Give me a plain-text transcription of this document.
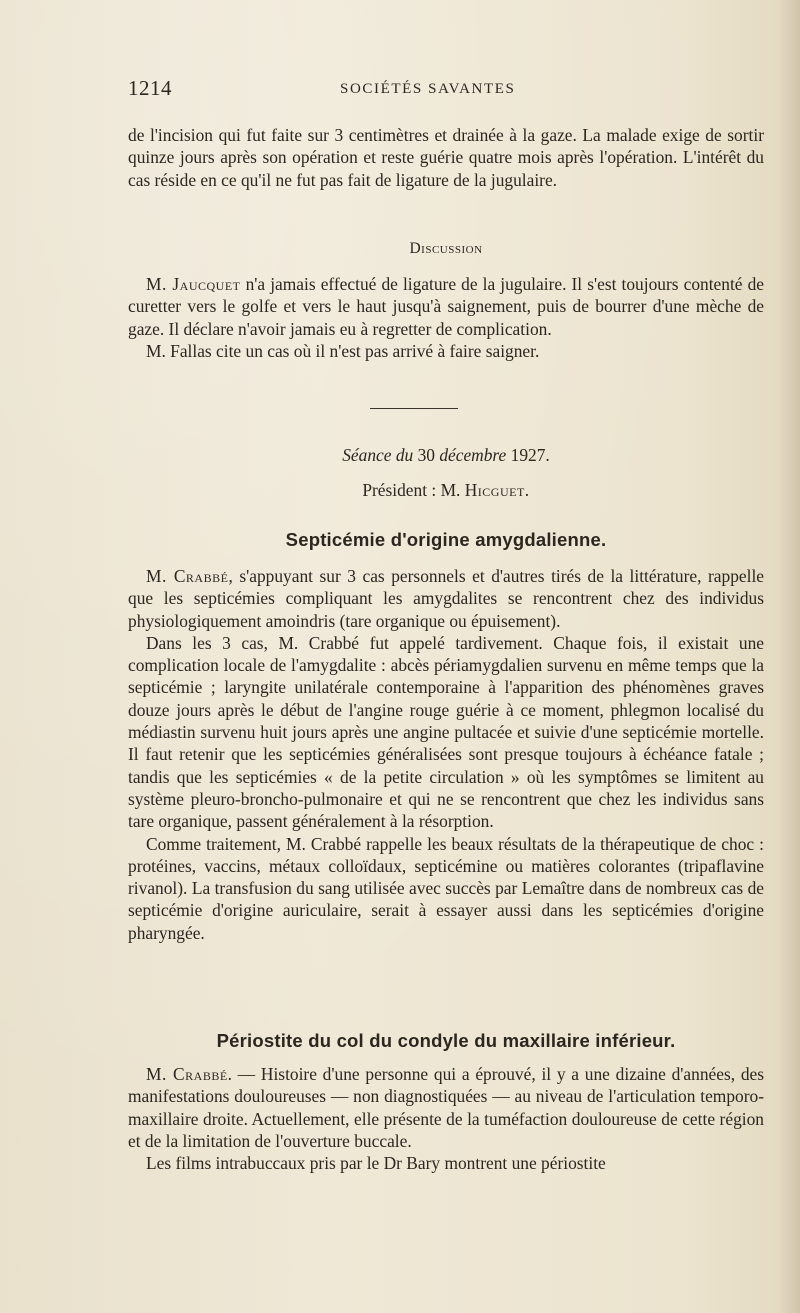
1214	SOCIÉTÉS SAVANTES

de l'incision qui fut faite sur 3 centimètres et drainée à la gaze. La malade exige de sortir quinze jours après son opération et reste guérie quatre mois après l'opération. L'intérêt du cas réside en ce qu'il ne fut pas fait de ligature de la jugulaire.

Discussion

M. Jaucquet n'a jamais effectué de ligature de la jugulaire. Il s'est toujours contenté de curetter vers le golfe et vers le haut jusqu'à saignement, puis de bourrer d'une mèche de gaze. Il déclare n'avoir jamais eu à regretter de complication.

M. Fallas cite un cas où il n'est pas arrivé à faire saigner.

Séance du 30 décembre 1927.
Président : M. Hicguet.
Septicémie d'origine amygdalienne.

M. Crabbé, s'appuyant sur 3 cas personnels et d'autres tirés de la littérature, rappelle que les septicémies compliquant les amygdalites se rencontrent chez des individus physiologiquement amoindris (tare organique ou épuisement).

Dans les 3 cas, M. Crabbé fut appelé tardivement. Chaque fois, il existait une complication locale de l'amygdalite : abcès périamygdalien survenu en même temps que la septicémie ; laryngite unilatérale contemporaine à l'apparition des phénomènes graves douze jours après le début de l'angine rouge guérie à ce moment, phlegmon localisé du médiastin survenu huit jours après une angine pultacée et suivie d'une septicémie mortelle. Il faut retenir que les septicémies généralisées sont presque toujours à échéance fatale ; tandis que les septicémies « de la petite circulation » où les symptômes se limitent au système pleuro-broncho-pulmonaire et qui ne se rencontrent que chez les individus sans tare organique, passent généralement à la résorption.

Comme traitement, M. Crabbé rappelle les beaux résultats de la thérapeutique de choc : protéines, vaccins, métaux colloïdaux, septicémine ou matières colorantes (tripaflavine rivanol). La transfusion du sang utilisée avec succès par Lemaître dans de nombreux cas de septicémie d'origine auriculaire, serait à essayer aussi dans les septicémies d'origine pharyngée.

Périostite du col du condyle du maxillaire inférieur.

M. Crabbé. — Histoire d'une personne qui a éprouvé, il y a une dizaine d'années, des manifestations douloureuses — non diagnostiquées — au niveau de l'articulation temporo-maxillaire droite. Actuellement, elle présente de la tuméfaction douloureuse de cette région et de la limitation de l'ouverture buccale.

Les films intrabuccaux pris par le Dr Bary montrent une périostite
